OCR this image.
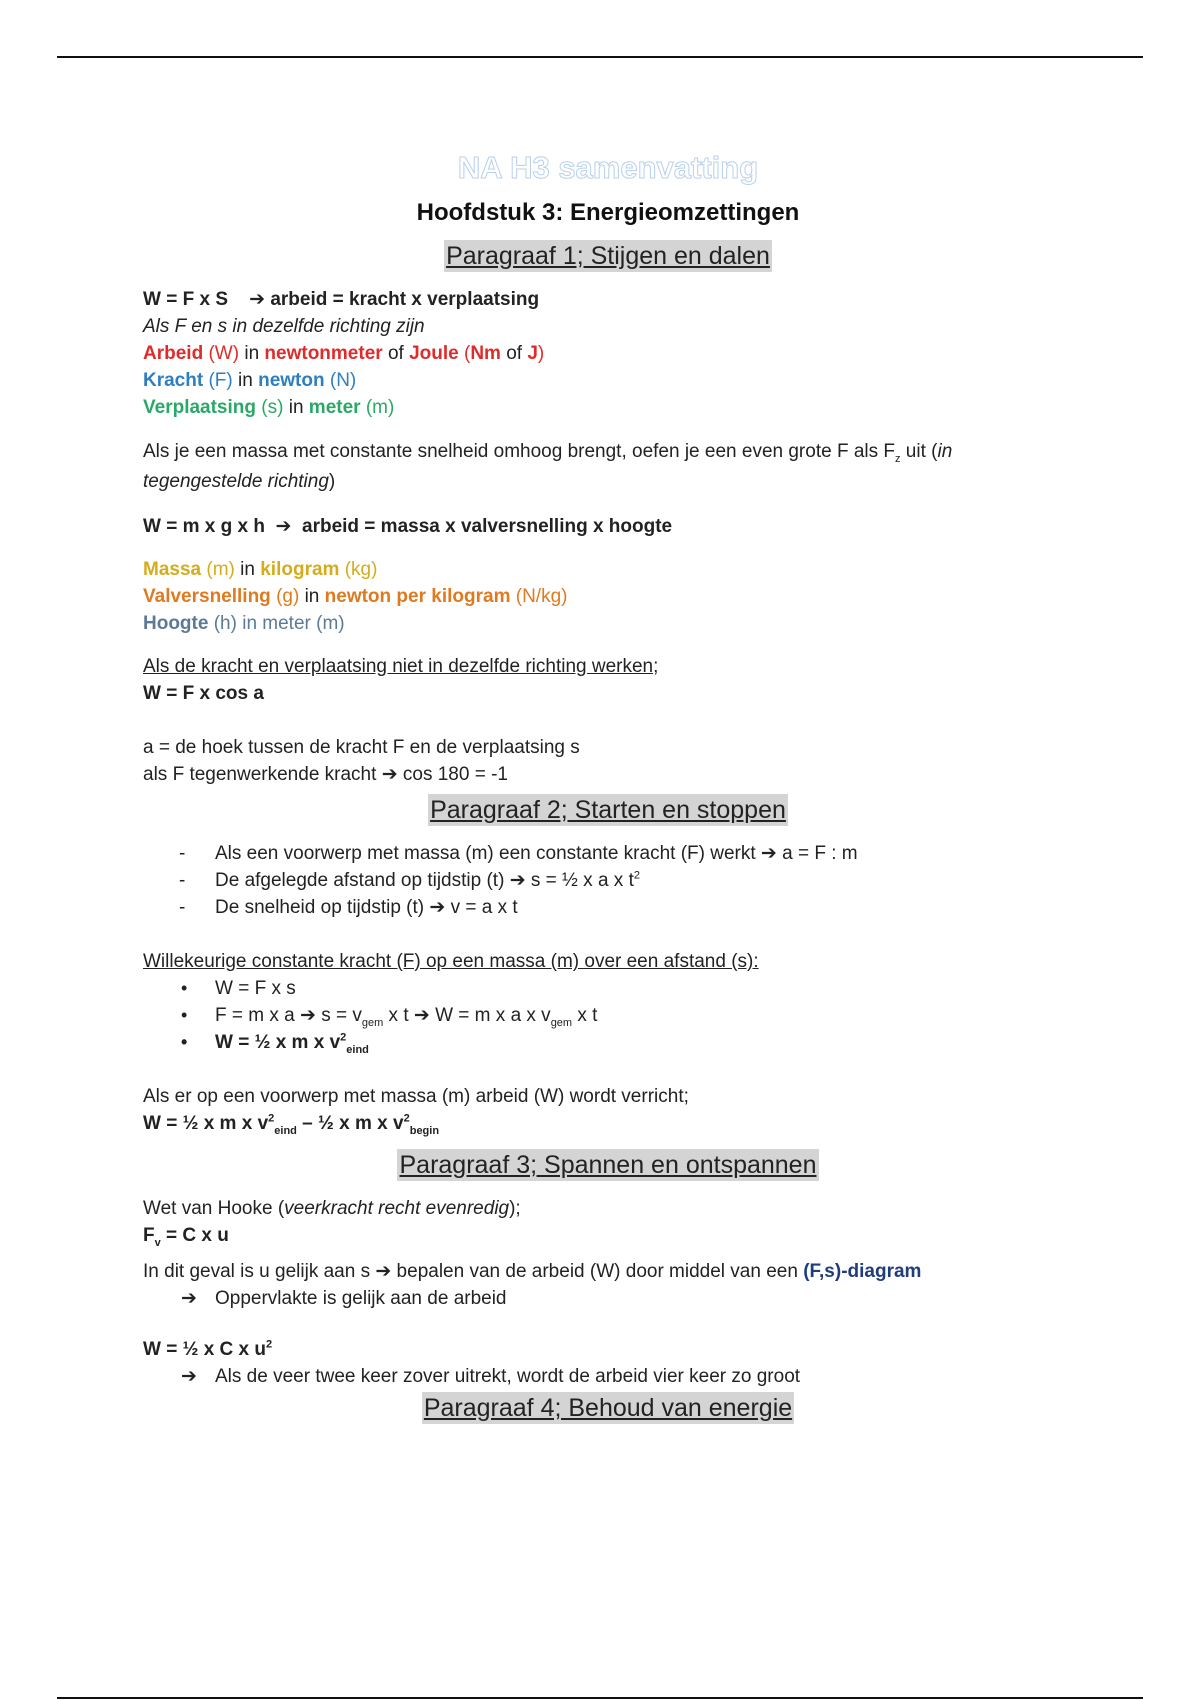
NA H3 samenvatting
Hoofdstuk 3: Energieomzettingen
Paragraaf 1; Stijgen en dalen

W = F x S ➔ arbeid = kracht x verplaatsing

Als F en s in dezelfde richting zijn

Arbeid (W) in newtonmeter of Joule (Nm of J)

Kracht (F) in newton (N)

Verplaatsing (s) in meter (m)

Als je een massa met constante snelheid omhoog brengt, oefen je een even grote F als $F_z$ uit (in tegengestelde richting)

W = m x g x h ➔  arbeid = massa x valversnelling x hoogte

Massa (m) in kilogram (kg)

Valversnelling (g) in newton per kilogram (N/kg)

Hoogte (h) in meter (m)

Als de kracht en verplaatsing niet in dezelfde richting werken;

W = F x cos a

a = de hoek tussen de kracht F en de verplaatsing s

als F tegenwerkende kracht ➔ cos 180 = -1

Paragraaf 2; Starten en stoppen
- Als een voorwerp met massa (m) een constante kracht (F) werkt ➔ a = F : m
- De afgelegde afstand op tijdstip (t) ➔ s = ½ x a x $t^2$
- De snelheid op tijdstip (t) ➔ v = a x t

Willekeurige constante kracht (F) op een massa (m) over een afstand (s):

• W = F x s
• F = m x a ➔ $s = v_{gem}$ x t ➔ W = m x a x $v_{gem}$ x t
• W = ½ x m x $v^2_{eind}$

Als er op een voorwerp met massa (m) arbeid (W) wordt verricht;

W = ½ x m x $v^2_{eind}$ – ½ x m x $v^2_{begin}$

Paragraaf 3; Spannen en ontspannen

Wet van Hooke (veerkracht recht evenredig);

$F_v = C$ x u

In dit geval is u gelijk aan s ➔ bepalen van de arbeid (W) door middel van een (F,s)-diagram

➔ Oppervlakte is gelijk aan de arbeid

W = ½ x C x $u^2$

➔ Als de veer twee keer zover uitrekt, wordt de arbeid vier keer zo groot

Paragraaf 4; Behoud van energie
